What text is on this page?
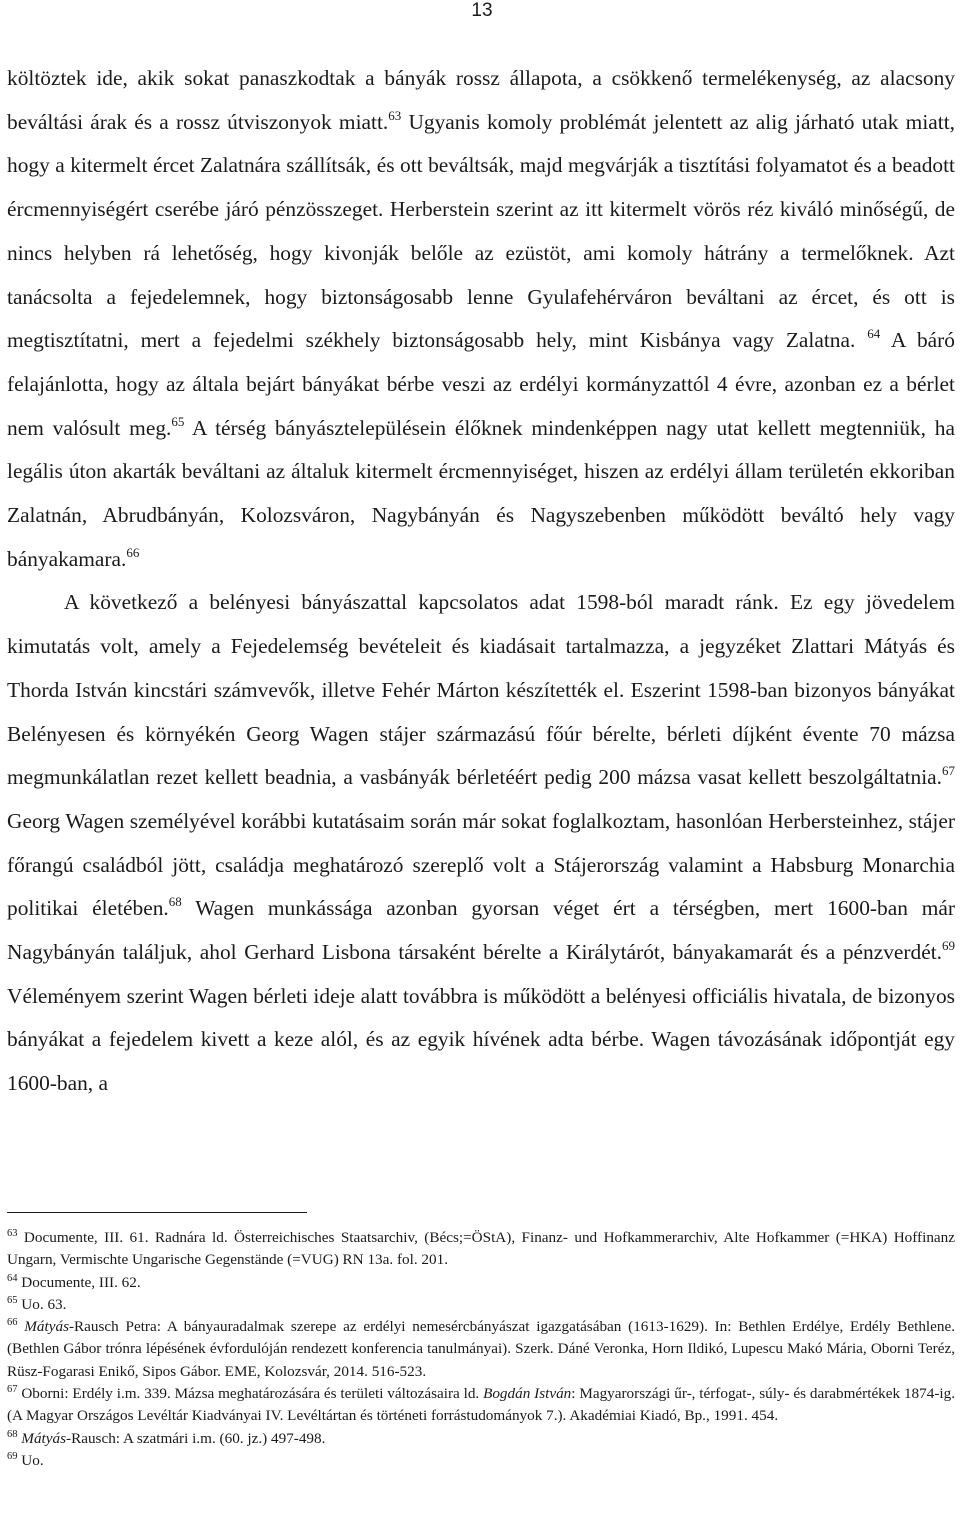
13

költöztek ide, akik sokat panaszkodtak a bányák rossz állapota, a csökkenő termelékenység, az alacsony beváltási árak és a rossz útviszonyok miatt.$^{63}$ Ugyanis komoly problémát jelentett az alig járható utak miatt, hogy a kitermelt ércet Zalatnára szállítsák, és ott beváltsák, majd megvárják a tisztítási folyamatot és a beadott ércmennyiségért cserébe járó pénzösszeget. Herberstein szerint az itt kitermelt vörös réz kiváló minőségű, de nincs helyben rá lehetőség, hogy kivonják belőle az ezüstöt, ami komoly hátrány a termelőknek. Azt tanácsolta a fejedelemnek, hogy biztonságosabb lenne Gyulafehérváron beváltani az ércet, és ott is megtisztítatni, mert a fejedelmi székhely biztonságosabb hely, mint Kisbánya vagy Zalatna. $^{64}$ A báró felajánlotta, hogy az általa bejárt bányákat bérbe veszi az erdélyi kormányzattól 4 évre, azonban ez a bérlet nem valósult meg.$^{65}$ A térség bányásztelepülésein élőknek mindenképpen nagy utat kellett megtenniük, ha legális úton akarták beváltani az általuk kitermelt ércmennyiséget, hiszen az erdélyi állam területén ekkoriban Zalatnán, Abrudbányán, Kolozsváron, Nagybányán és Nagyszebenben működött beváltó hely vagy bányakamara.$^{66}$

A következő a belényesi bányászattal kapcsolatos adat 1598-ból maradt ránk. Ez egy jövedelem kimutatás volt, amely a Fejedelemség bevételeit és kiadásait tartalmazza, a jegyzéket Zlattari Mátyás és Thorda István kincstári számvevők, illetve Fehér Márton készítették el. Eszerint 1598-ban bizonyos bányákat Belényesen és környékén Georg Wagen stájer származású főúr bérelte, bérleti díjként évente 70 mázsa megmunkálatlan rezet kellett beadnia, a vasbányák bérletéért pedig 200 mázsa vasat kellett beszolgáltatnia.$^{67}$ Georg Wagen személyével korábbi kutatásaim során már sokat foglalkoztam, hasonlóan Herbersteinhez, stájer főrangú családból jött, családja meghatározó szereplő volt a Stájerország valamint a Habsburg Monarchia politikai életében.$^{68}$ Wagen munkássága azonban gyorsan véget ért a térségben, mert 1600-ban már Nagybányán találjuk, ahol Gerhard Lisbona társaként bérelte a Királytárót, bányakamarát és a pénzverdét.$^{69}$ Véleményem szerint Wagen bérleti ideje alatt továbbra is működött a belényesi officiális hivatala, de bizonyos bányákat a fejedelem kivett a keze alól, és az egyik hívének adta bérbe. Wagen távozásának időpontját egy 1600-ban, a

$^{63}$ Documente, III. 61. Radnára ld. Österreichisches Staatsarchiv, (Bécs;=ÖStA), Finanz- und Hofkammerarchiv, Alte Hofkammer (=HKA) Hoffinanz Ungarn, Vermischte Ungarische Gegenstände (=VUG) RN 13a. fol. 201.

$^{64}$ Documente, III. 62.

$^{65}$ Uo. 63.

$^{66}$ Mátyás-Rausch Petra: A bányauradalmak szerepe az erdélyi nemesércbányászat igazgatásában (1613-1629). In: Bethlen Erdélye, Erdély Bethlene. (Bethlen Gábor trónra lépésének évfordulóján rendezett konferencia tanulmányai). Szerk. Dáné Veronka, Horn Ildikó, Lupescu Makó Mária, Oborni Teréz, Rüsz-Fogarasi Enikő, Sipos Gábor. EME, Kolozsvár, 2014. 516-523.

$^{67}$ Oborni: Erdély i.m. 339. Mázsa meghatározására és területi változásaira ld. Bogdán István: Magyarországi űr-, térfogat-, súly- és darabmértékek 1874-ig. (A Magyar Országos Levéltár Kiadványai IV. Levéltártan és történeti forrástudományok 7.). Akadémiai Kiadó, Bp., 1991. 454.

$^{68}$ Mátyás-Rausch: A szatmári i.m. (60. jz.) 497-498.

$^{69}$ Uo.
